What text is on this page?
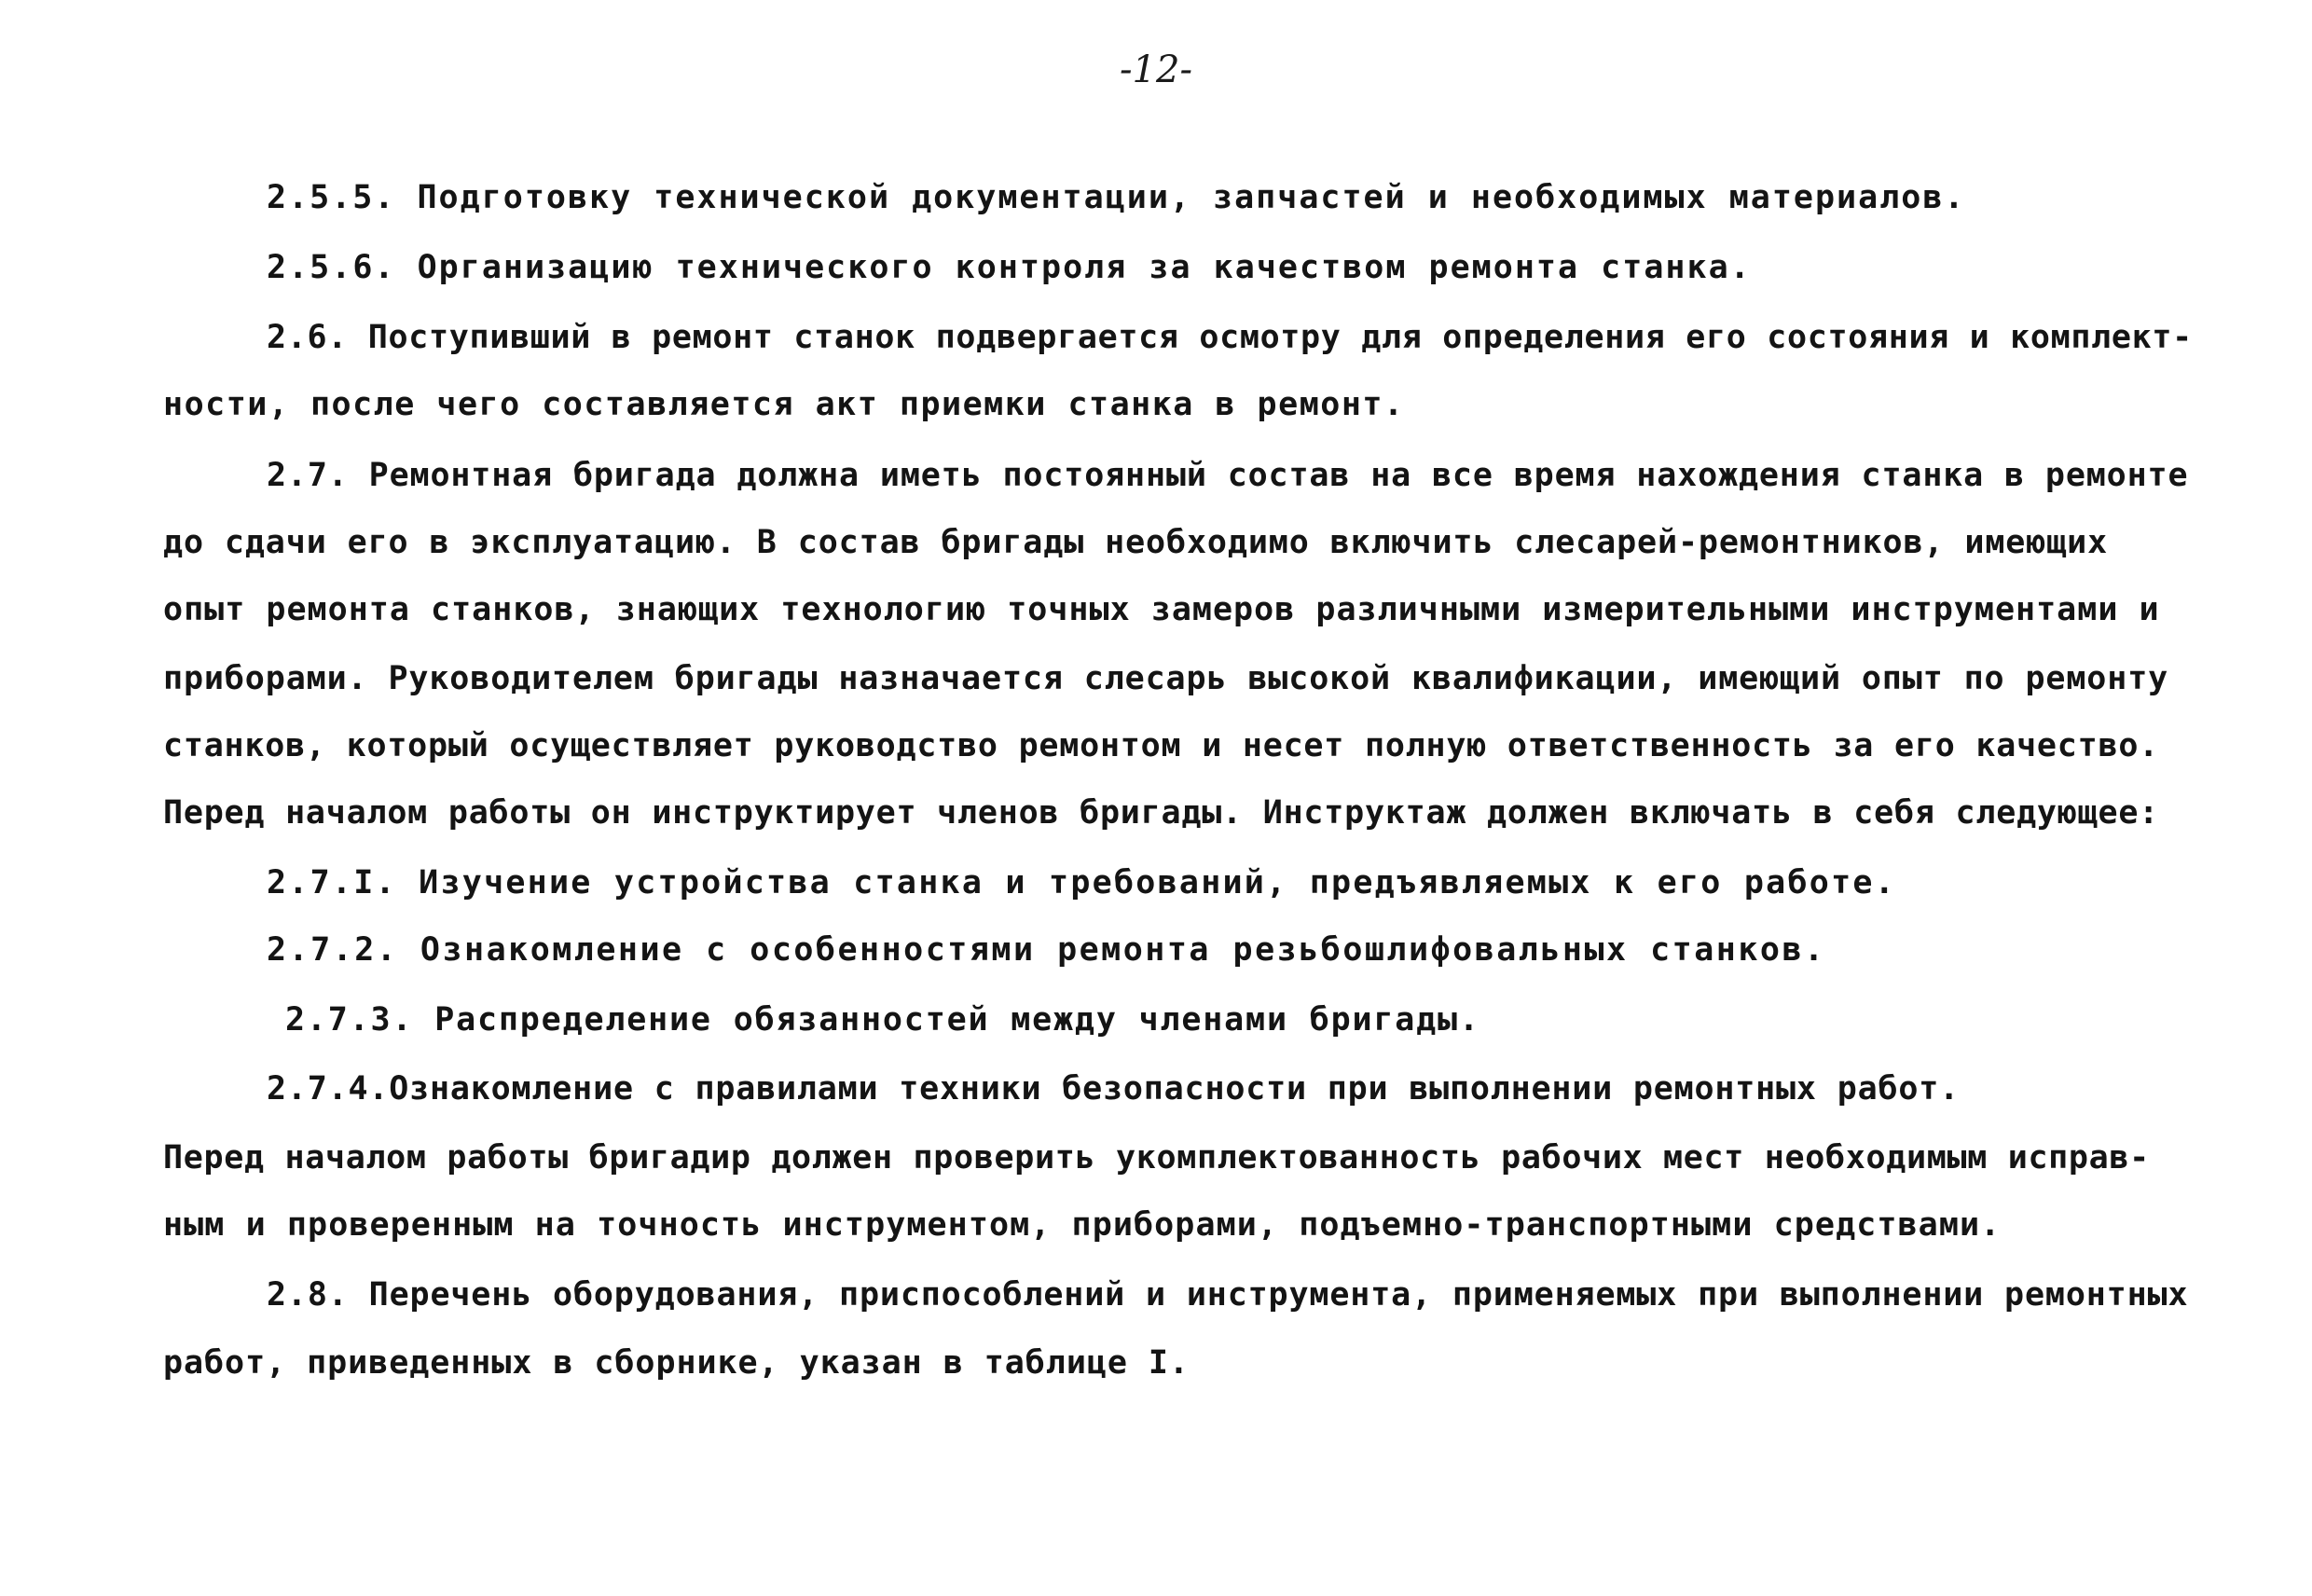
-12-
2.5.5. Подготовку технической документации, запчастей и необходимых материалов.
2.5.6. Организацию технического контроля за качеством ремонта станка.
2.6. Поступивший в ремонт станок подвергается осмотру для определения его состояния и комплект-
ности, после чего составляется акт приемки станка в ремонт.
2.7. Ремонтная бригада должна иметь постоянный состав на все время нахождения станка в ремонте
до сдачи его в эксплуатацию. В состав бригады необходимо включить слесарей-ремонтников, имеющих
опыт ремонта станков, знающих технологию точных замеров различными измерительными инструментами и
приборами. Руководителем бригады назначается слесарь высокой квалификации, имеющий опыт по ремонту
станков, который осуществляет руководство ремонтом и несет полную ответственность за его качество.
Перед началом работы он инструктирует членов бригады. Инструктаж должен включать в себя следующее:
2.7.I. Изучение устройства станка и требований, предъявляемых к его работе.
2.7.2. Ознакомление с особенностями ремонта резьбошлифовальных станков.
2.7.3. Распределение обязанностей между членами бригады.
2.7.4.Ознакомление с правилами техники безопасности при выполнении ремонтных работ.
Перед началом работы бригадир должен проверить укомплектованность рабочих мест необходимым исправ-
ным и проверенным на точность инструментом, приборами, подъемно-транспортными средствами.
2.8. Перечень оборудования, приспособлений и инструмента, применяемых при выполнении ремонтных
работ, приведенных в сборнике, указан в таблице I.
